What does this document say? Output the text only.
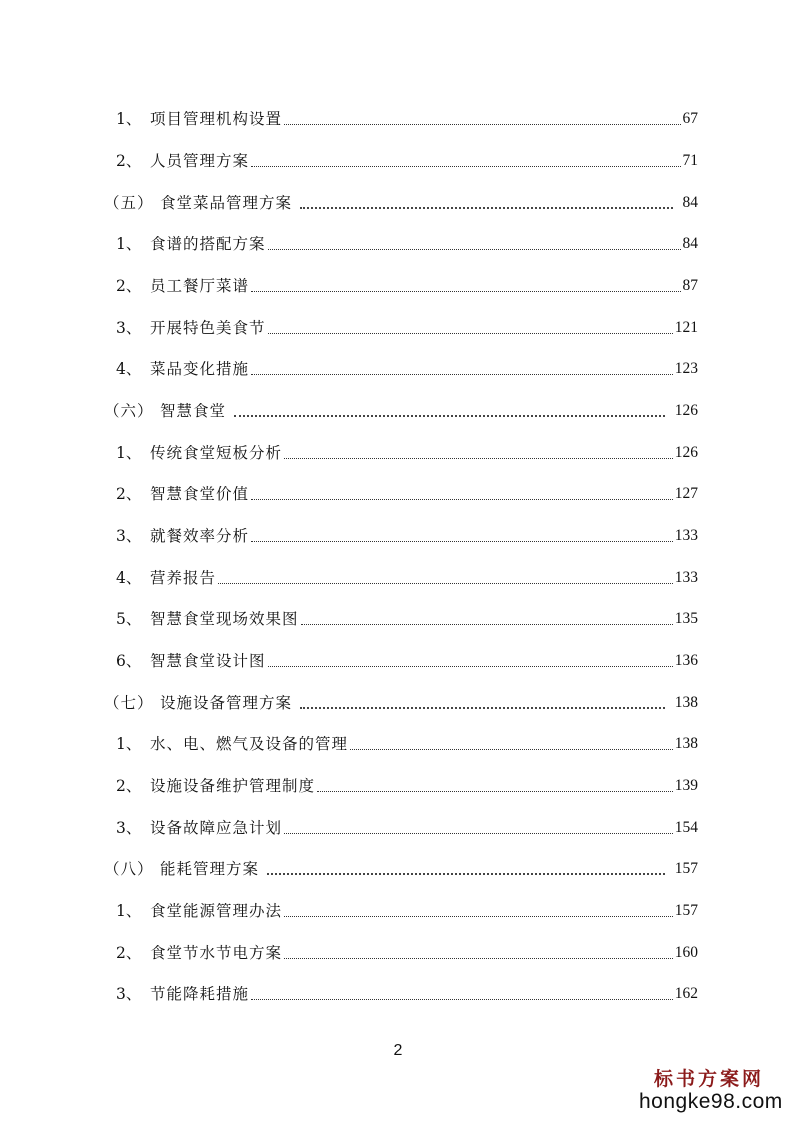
1、 项目管理机构设置	67
2、 人员管理方案	71
（五） 食堂菜品管理方案	84
1、 食谱的搭配方案	84
2、 员工餐厅菜谱	87
3、 开展特色美食节	121
4、 菜品变化措施	123
（六） 智慧食堂	126
1、 传统食堂短板分析	126
2、 智慧食堂价值	127
3、 就餐效率分析	133
4、 营养报告	133
5、 智慧食堂现场效果图	135
6、 智慧食堂设计图	136
（七） 设施设备管理方案	138
1、 水、电、燃气及设备的管理	138
2、 设施设备维护管理制度	139
3、 设备故障应急计划	154
（八） 能耗管理方案	157
1、 食堂能源管理办法	157
2、 食堂节水节电方案	160
3、 节能降耗措施	162
2
标书方案网
hongke98.com
